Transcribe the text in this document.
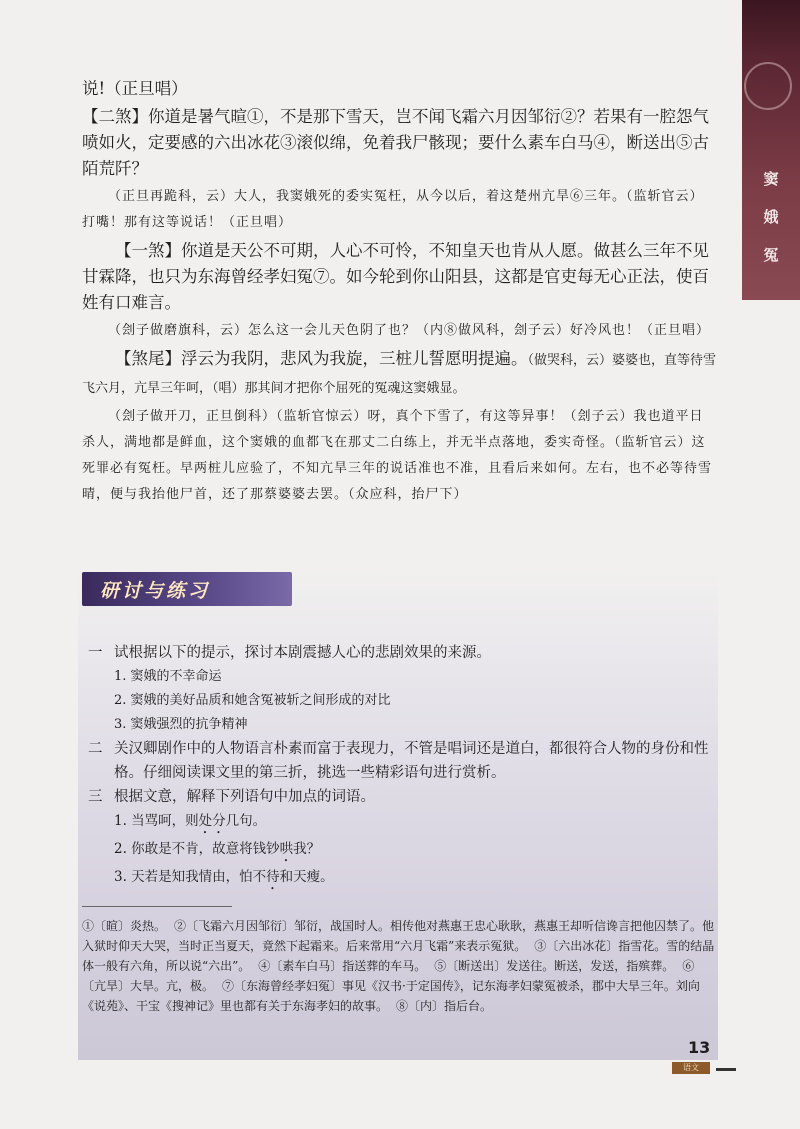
窦
娥
冤

说!（正旦唱）

【二煞】你道是暑气暄①，不是那下雪天，岂不闻飞霜六月因邹衍②？若果有一腔怨气喷如火，定要感的六出冰花③滚似绵，免着我尸骸现；要什么素车白马④，断送出⑤古陌荒阡？

（正旦再跪科，云）大人，我窦娥死的委实冤枉，从今以后，着这楚州亢旱⑥三年。（监斩官云）打嘴！那有这等说话！（正旦唱）

【一煞】你道是天公不可期，人心不可怜，不知皇天也肯从人愿。做甚么三年不见甘霖降，也只为东海曾经孝妇冤⑦。如今轮到你山阳县，这都是官吏每无心正法，使百姓有口难言。

（刽子做磨旗科，云）怎么这一会儿天色阴了也？（内⑧做风科，刽子云）好冷风也！（正旦唱）

【煞尾】浮云为我阴，悲风为我旋，三桩儿誓愿明提遍。（做哭科，云）婆婆也，直等待雪飞六月，亢旱三年呵，（唱）那其间才把你个屈死的冤魂这窦娥显。

（刽子做开刀，正旦倒科）（监斩官惊云）呀，真个下雪了，有这等异事！（刽子云）我也道平日杀人，满地都是鲜血，这个窦娥的血都飞在那丈二白练上，并无半点落地，委实奇怪。（监斩官云）这死罪必有冤枉。早两桩儿应验了，不知亢旱三年的说话准也不准，且看后来如何。左右，也不必等待雪晴，便与我抬他尸首，还了那蔡婆婆去罢。（众应科，抬尸下）

研讨与练习
一 试根据以下的提示，探讨本剧震撼人心的悲剧效果的来源。
1. 窦娥的不幸命运
2. 窦娥的美好品质和她含冤被斩之间形成的对比
3. 窦娥强烈的抗争精神
二 关汉卿剧作中的人物语言朴素而富于表现力，不管是唱词还是道白，都很符合人物的身份和性格。仔细阅读课文里的第三折，挑选一些精彩语句进行赏析。
三 根据文意，解释下列语句中加点的词语。
1. 当骂呵，则处分几句。
2. 你敢是不肯，故意将钱钞哄我？
3. 天若是知我情由，怕不待和天瘦。
①〔暄〕炎热。 ②〔飞霜六月因邹衍〕邹衍，战国时人。相传他对燕惠王忠心耿耿，燕惠王却听信谗言把他囚禁了。他入狱时仰天大哭，当时正当夏天，竟然下起霜来。后来常用“六月飞霜”来表示冤狱。 ③〔六出冰花〕指雪花。雪的结晶体一般有六角，所以说“六出”。 ④〔素车白马〕指送葬的车马。 ⑤〔断送出〕发送往。断送，发送，指殡葬。 ⑥〔亢旱〕大旱。亢，极。 ⑦〔东海曾经孝妇冤〕事见《汉书·于定国传》，记东海孝妇蒙冤被杀，郡中大旱三年。刘向《说苑》、干宝《搜神记》里也都有关于东海孝妇的故事。 ⑧〔内〕指后台。
13
语文
